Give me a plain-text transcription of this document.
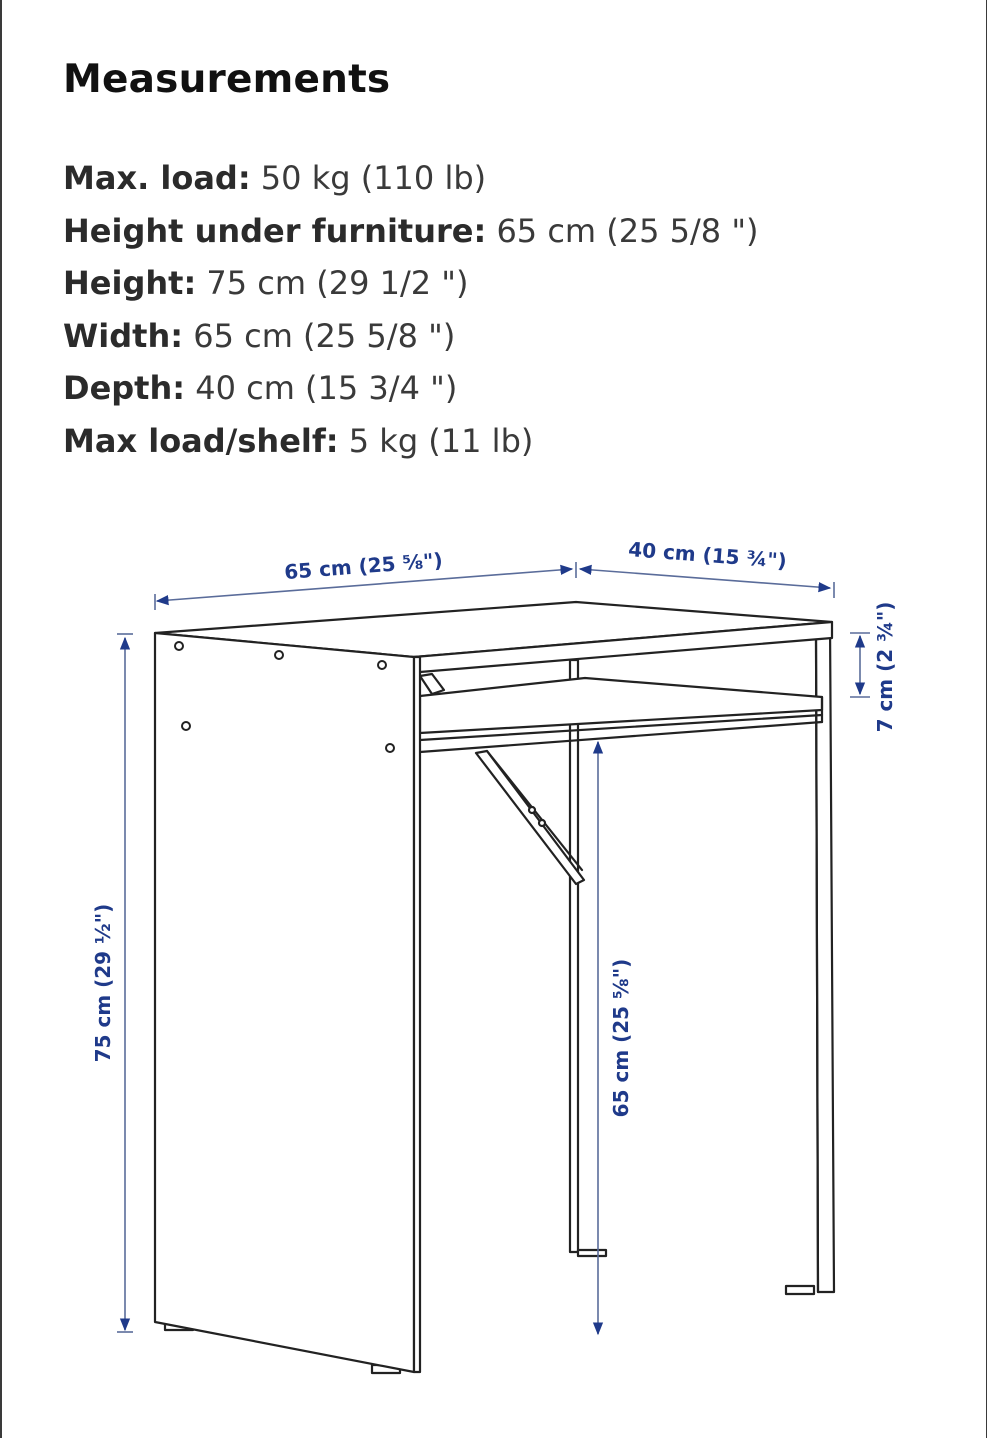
Measurements
Max. load: 50 kg (110 lb)
Height under furniture: 65 cm (25 5/8 ")
Height: 75 cm (29 1/2 ")
Width: 65 cm (25 5/8 ")
Depth: 40 cm (15 3/4 ")
Max load/shelf: 5 kg (11 lb)
65 cm (25 ⅝")	40 cm (15 ¾")
7 cm (2 ¾")
75 cm (29 ½")	65 cm (25 ⅝")
